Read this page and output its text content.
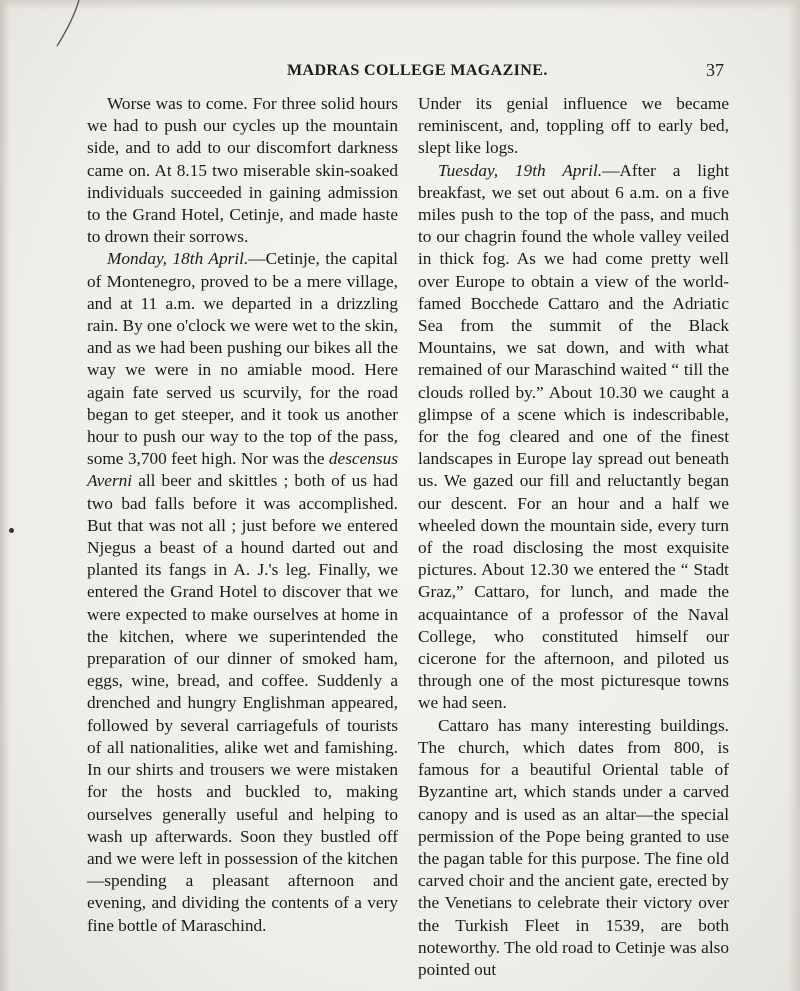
MADRAS COLLEGE MAGAZINE.	37

Worse was to come. For three solid hours we had to push our cycles up the mountain side, and to add to our discomfort darkness came on. At 8.15 two miserable skin-soaked individuals succeeded in gaining admission to the Grand Hotel, Cetinje, and made haste to drown their sorrows.

Monday, 18th April.—Cetinje, the capital of Montenegro, proved to be a mere village, and at 11 a.m. we departed in a drizzling rain. By one o'clock we were wet to the skin, and as we had been pushing our bikes all the way we were in no amiable mood. Here again fate served us scurvily, for the road began to get steeper, and it took us another hour to push our way to the top of the pass, some 3,700 feet high. Nor was the descensus Averni all beer and skittles ; both of us had two bad falls before it was accomplished. But that was not all ; just before we entered Njegus a beast of a hound darted out and planted its fangs in A. J.'s leg. Finally, we entered the Grand Hotel to discover that we were expected to make ourselves at home in the kitchen, where we superintended the preparation of our dinner of smoked ham, eggs, wine, bread, and coffee. Suddenly a drenched and hungry Englishman appeared, followed by several carriagefuls of tourists of all nationalities, alike wet and famishing. In our shirts and trousers we were mistaken for the hosts and buckled to, making ourselves generally useful and helping to wash up afterwards. Soon they bustled off and we were left in possession of the kitchen—spending a pleasant afternoon and evening, and dividing the contents of a very fine bottle of Maraschind.

Under its genial influence we became reminiscent, and, toppling off to early bed, slept like logs.

Tuesday, 19th April.—After a light breakfast, we set out about 6 a.m. on a five miles push to the top of the pass, and much to our chagrin found the whole valley veiled in thick fog. As we had come pretty well over Europe to obtain a view of the world-famed Bocchede Cattaro and the Adriatic Sea from the summit of the Black Mountains, we sat down, and with what remained of our Maraschind waited “ till the clouds rolled by.” About 10.30 we caught a glimpse of a scene which is indescribable, for the fog cleared and one of the finest landscapes in Europe lay spread out beneath us. We gazed our fill and reluctantly began our descent. For an hour and a half we wheeled down the mountain side, every turn of the road disclosing the most exquisite pictures. About 12.30 we entered the “ Stadt Graz,” Cattaro, for lunch, and made the acquaintance of a professor of the Naval College, who constituted himself our cicerone for the afternoon, and piloted us through one of the most picturesque towns we had seen.

Cattaro has many interesting buildings. The church, which dates from 800, is famous for a beautiful Oriental table of Byzantine art, which stands under a carved canopy and is used as an altar—the special permission of the Pope being granted to use the pagan table for this purpose. The fine old carved choir and the ancient gate, erected by the Venetians to celebrate their victory over the Turkish Fleet in 1539, are both noteworthy. The old road to Cetinje was also pointed out
